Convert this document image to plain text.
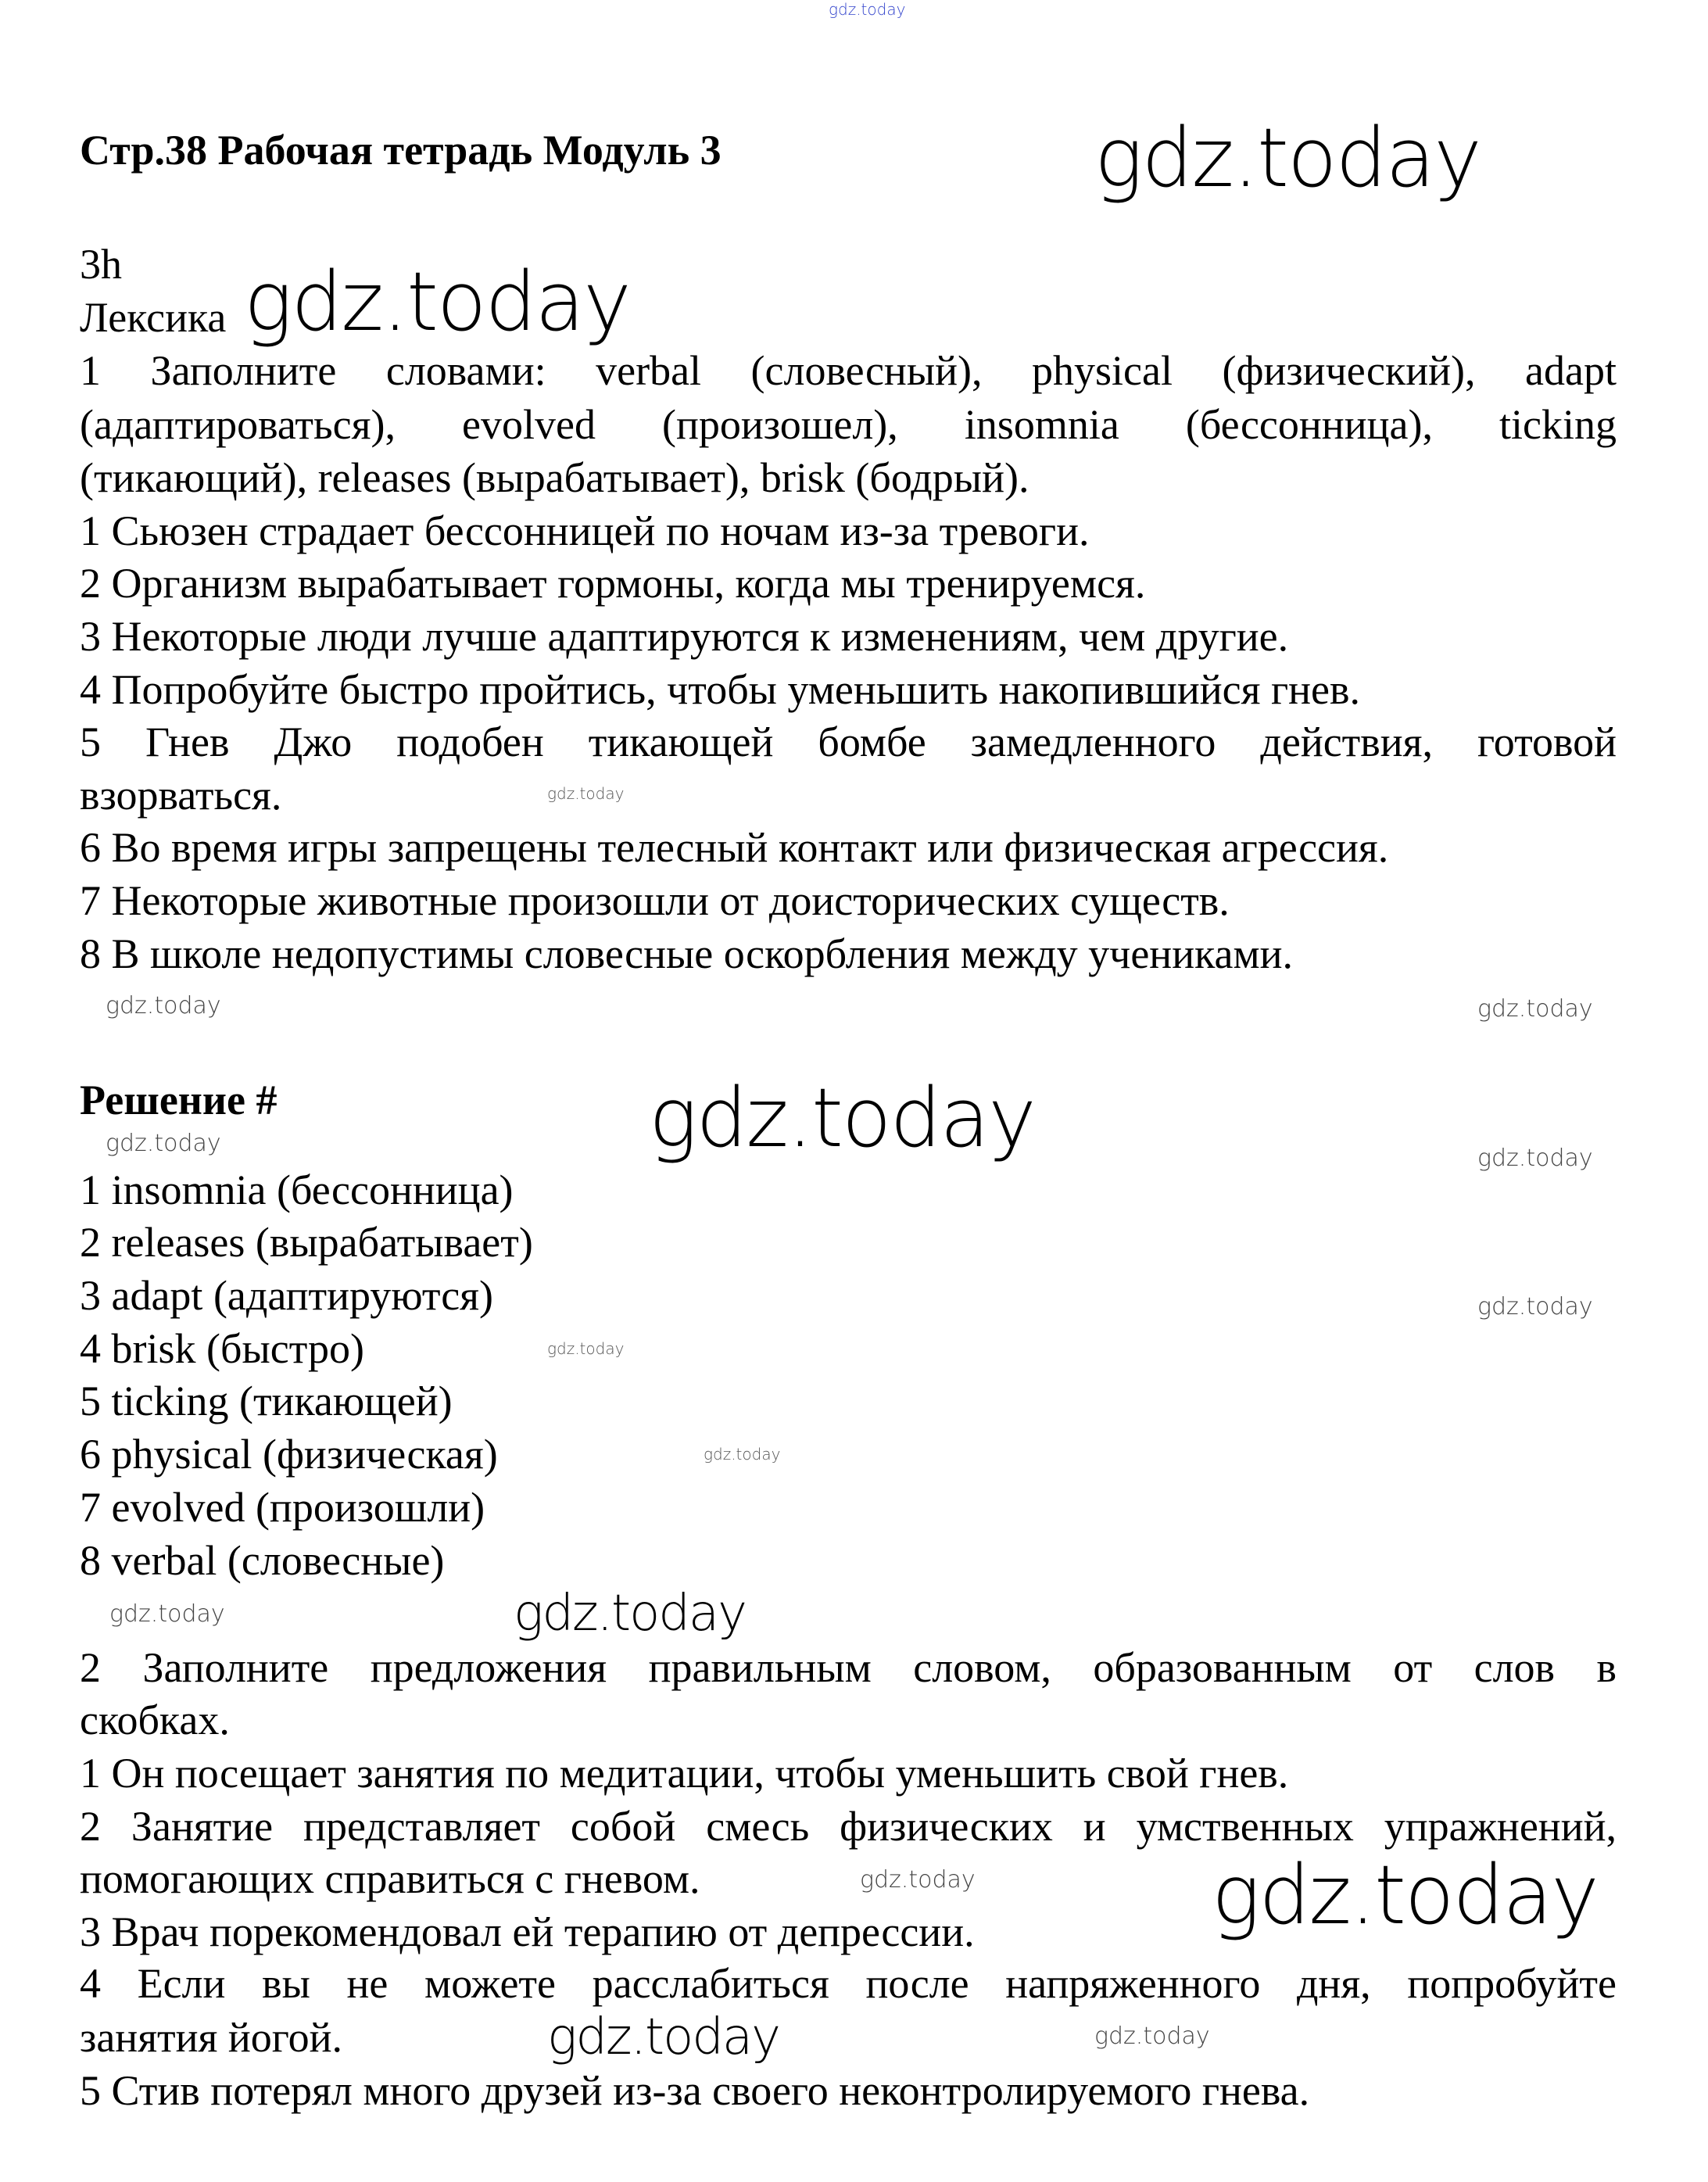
gdz.today
gdz.today
gdz.today
gdz.today
gdz.today
gdz.today
gdz.today
gdz.today	gdz.today
gdz.today
gdz.today
gdz.today
gdz.today
gdz.today
gdz.today
gdz.today
gdz.today
gdz.today
Стр.38 Рабочая тетрадь Модуль 3
3h
Лексика
1 Заполните словами: verbal (словесный), physical (физический), adapt
(адаптироваться), evolved (произошел), insomnia (бессонница), ticking
(тикающий), releases (вырабатывает), brisk (бодрый).
1 Сьюзен страдает бессонницей по ночам из-за тревоги.
2 Организм вырабатывает гормоны, когда мы тренируемся.
3 Некоторые люди лучше адаптируются к изменениям, чем другие.
4 Попробуйте быстро пройтись, чтобы уменьшить накопившийся гнев.
5 Гнев Джо подобен тикающей бомбе замедленного действия, готовой
взорваться.
6 Во время игры запрещены телесный контакт или физическая агрессия.
7 Некоторые животные произошли от доисторических существ.
8 В школе недопустимы словесные оскорбления между учениками.
Решение #
1 insomnia (бессонница)
2 releases (вырабатывает)
3 adapt (адаптируются)
4 brisk (быстро)
5 ticking (тикающей)
6 physical (физическая)
7 evolved (произошли)
8 verbal (словесные)
2 Заполните предложения правильным словом, образованным от слов в
скобках.
1 Он посещает занятия по медитации, чтобы уменьшить свой гнев.
2 Занятие представляет собой смесь физических и умственных упражнений,
помогающих справиться с гневом.
3 Врач порекомендовал ей терапию от депрессии.
4 Если вы не можете расслабиться после напряженного дня, попробуйте
занятия йогой.
5 Стив потерял много друзей из-за своего неконтролируемого гнева.
